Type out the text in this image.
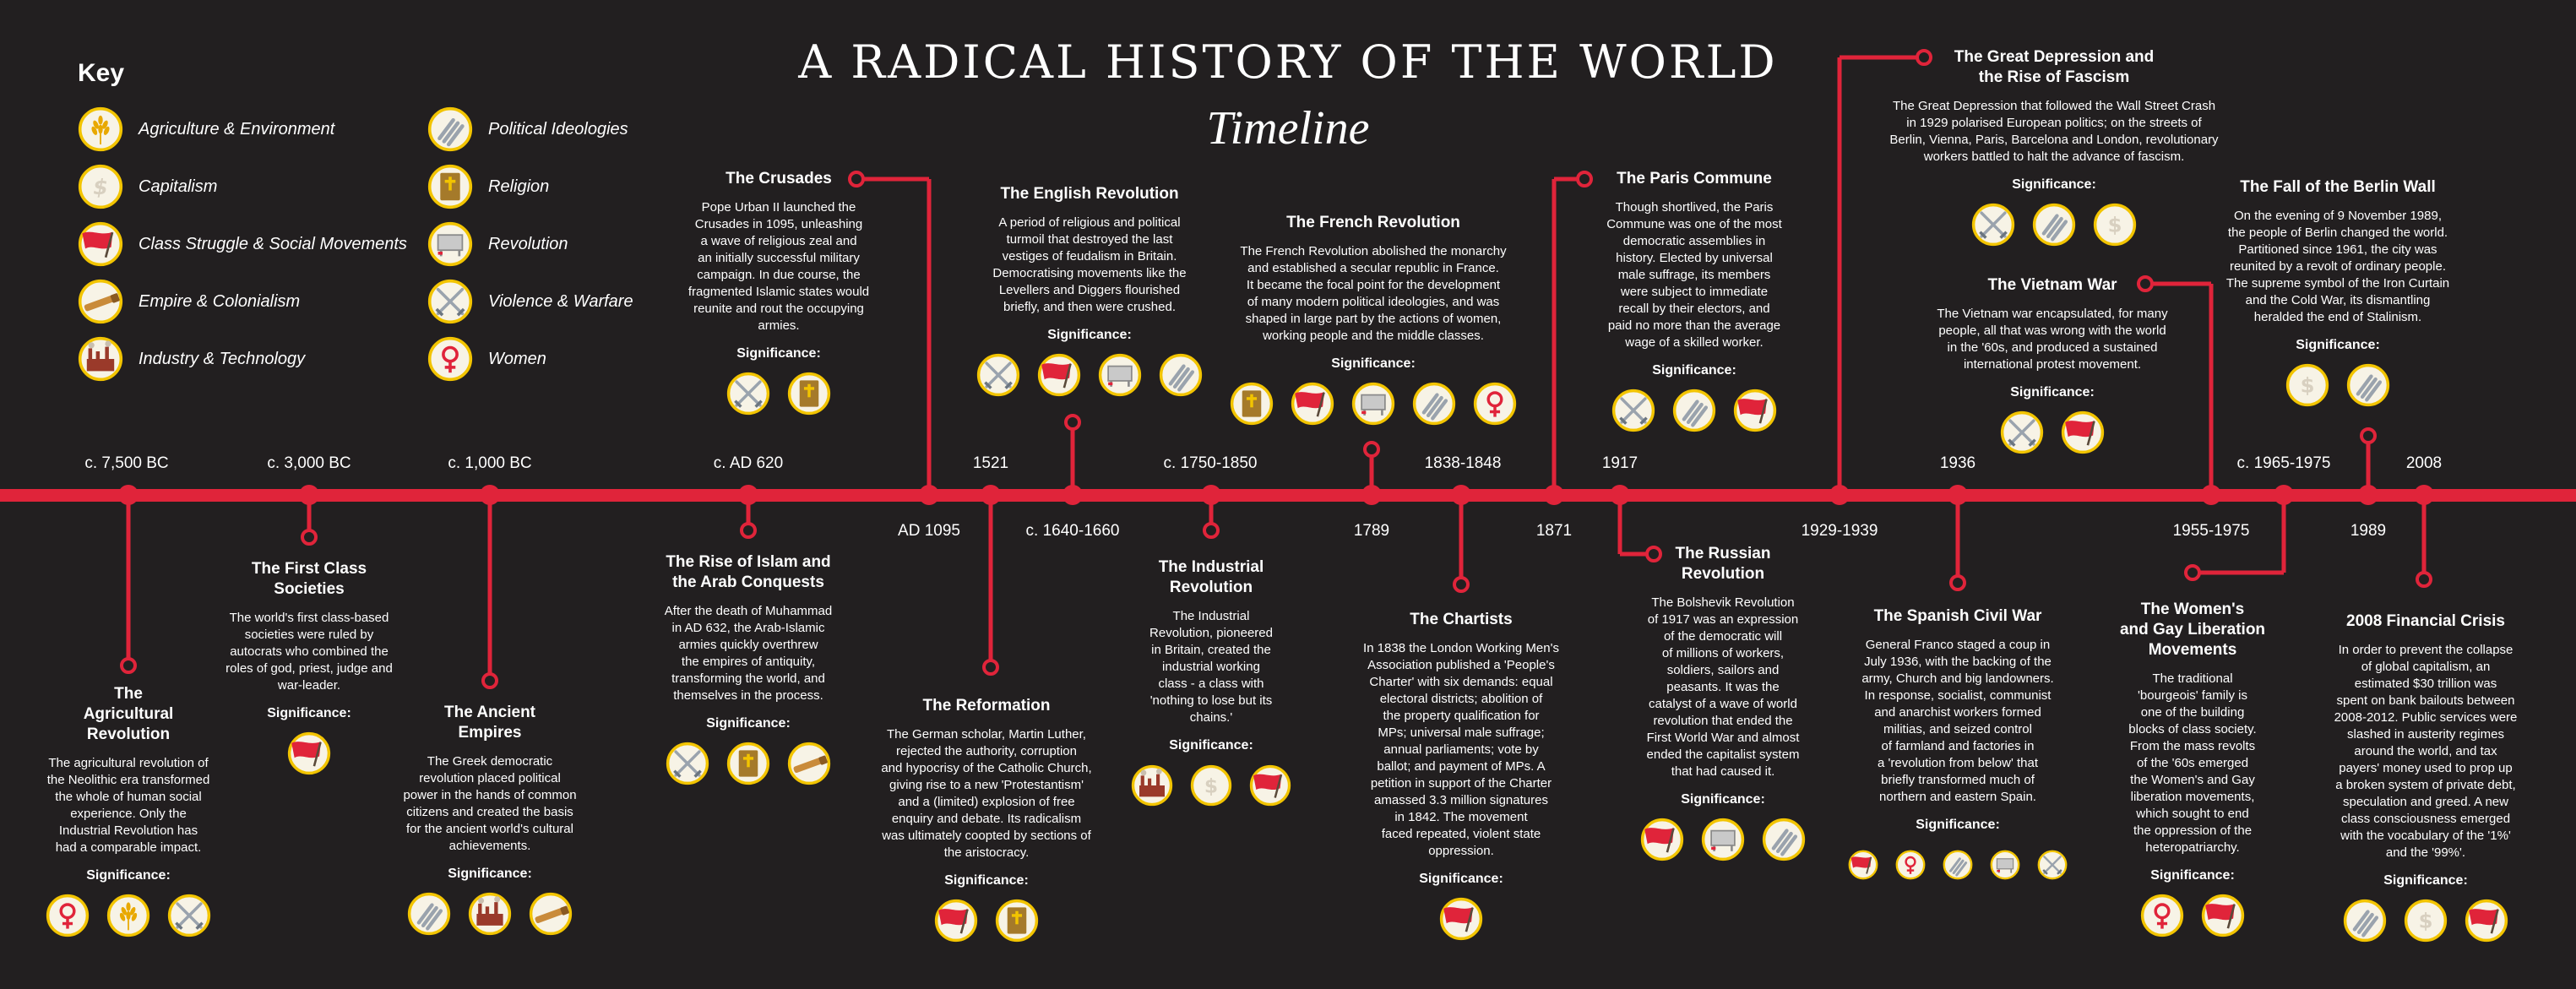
A RADICAL HISTORY OF THE WORLD
Timeline
Key
Agriculture & Environment
Capitalism
Class Struggle & Social Movements
Empire & Colonialism
Industry & Technology
Political Ideologies
Religion
Revolution
Violence & Warfare
Women
c. 7,500 BC	c. 3,000 BC	c. 1,000 BC	c. AD 620
AD 1095
1521
c. 1640-1660
c. 1750-1850
1789
1838-1848
1871
1917
1929-1939
1936
1955-1975
c. 1965-1975
1989
2008
The
Agricultural
Revolution

The agricultural revolution of
the Neolithic era transformed
the whole of human social
experience. Only the
Industrial Revolution has
had a comparable impact.

Significance:
The First Class
Societies

The world's first class-based
societies were ruled by
autocrats who combined the
roles of god, priest, judge and
war-leader.

Significance:	The Ancient
Empires

The Greek democratic
revolution placed political
power in the hands of common
citizens and created the basis
for the ancient world's cultural
achievements.

Significance:
The Rise of Islam and
the Arab Conquests

After the death of Muhammad
in AD 632, the Arab-Islamic
armies quickly overthrew
the empires of antiquity,
transforming the world, and
themselves in the process.

Significance:
The Crusades

Pope Urban II launched the
Crusades in 1095, unleashing
a wave of religious zeal and
an initially successful military
campaign. In due course, the
fragmented Islamic states would
reunite and rout the occupying
armies.

Significance:
The Reformation

The German scholar, Martin Luther,
rejected the authority, corruption
and hypocrisy of the Catholic Church,
giving rise to a new 'Protestantism'
and a (limited) explosion of free
enquiry and debate. Its radicalism
was ultimately coopted by sections of
the aristocracy.

Significance:
The English Revolution

A period of religious and political
turmoil that destroyed the last
vestiges of feudalism in Britain.
Democratising movements like the
Levellers and Diggers flourished
briefly, and then were crushed.

Significance:
The Industrial
Revolution

The Industrial
Revolution, pioneered
in Britain, created the
industrial working
class - a class with
'nothing to lose but its
chains.'

Significance:
The French Revolution

The French Revolution abolished the monarchy
and established a secular republic in France.
It became the focal point for the development
of many modern political ideologies, and was
shaped in large part by the actions of women,
working people and the middle classes.

Significance:
The Chartists

In 1838 the London Working Men's
Association published a 'People's
Charter' with six demands: equal
electoral districts; abolition of
the property qualification for
MPs; universal male suffrage;
annual parliaments; vote by
ballot; and payment of MPs. A
petition in support of the Charter
amassed 3.3 million signatures
in 1842. The movement
faced repeated, violent state
oppression.

Significance:
The Paris Commune

Though shortlived, the Paris
Commune was one of the most
democratic assemblies in
history. Elected by universal
male suffrage, its members
were subject to immediate
recall by their electors, and
paid no more than the average
wage of a skilled worker.

Significance:
The Russian
Revolution

The Bolshevik Revolution
of 1917 was an expression
of the democratic will
of millions of workers,
soldiers, sailors and
peasants. It was the
catalyst of a wave of world
revolution that ended the
First World War and almost
ended the capitalist system
that had caused it.

Significance:
The Great Depression and
the Rise of Fascism

The Great Depression that followed the Wall Street Crash
in 1929 polarised European politics; on the streets of
Berlin, Vienna, Paris, Barcelona and London, revolutionary
workers battled to halt the advance of fascism.

Significance:
The Spanish Civil War

General Franco staged a coup in
July 1936, with the backing of the
army, Church and big landowners.
In response, socialist, communist
and anarchist workers formed
militias, and seized control
of farmland and factories in
a 'revolution from below' that
briefly transformed much of
northern and eastern Spain.

Significance:
The Vietnam War

The Vietnam war encapsulated, for many
people, all that was wrong with the world
in the '60s, and produced a sustained
international protest movement.

Significance:
The Women's
and Gay Liberation
Movements

The traditional
'bourgeois' family is
one of the building
blocks of class society.
From the mass revolts
of the '60s emerged
the Women's and Gay
liberation movements,
which sought to end
the oppression of the
heteropatriarchy.

Significance:
The Fall of the Berlin Wall

On the evening of 9 November 1989,
the people of Berlin changed the world.
Partitioned since 1961, the city was
reunited by a revolt of ordinary people.
The supreme symbol of the Iron Curtain
and the Cold War, its dismantling
heralded the end of Stalinism.

Significance:
2008 Financial Crisis

In order to prevent the collapse
of global capitalism, an
estimated $30 trillion was
spent on bank bailouts between
2008-2012. Public services were
slashed in austerity regimes
around the world, and tax
payers' money used to prop up
a broken system of private debt,
speculation and greed. A new
class consciousness emerged
with the vocabulary of the '1%'
and the '99%'.

Significance:
